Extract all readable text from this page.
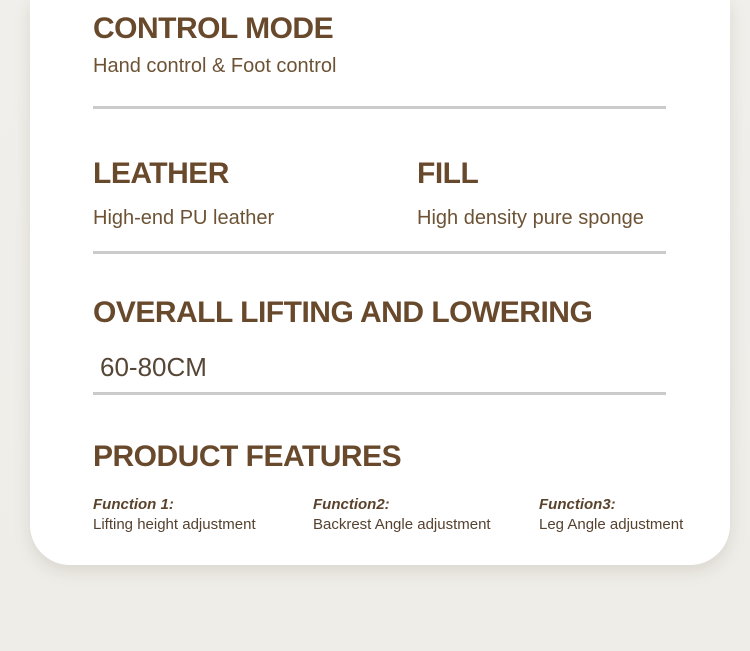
CONTROL MODE
Hand control & Foot control
LEATHER	FILL
High-end PU leather	High density pure sponge
OVERALL LIFTING AND LOWERING
60-80CM
PRODUCT FEATURES
Function 1:
Lifting height adjustment
Function2:
Backrest Angle adjustment
Function3:
Leg Angle adjustment
